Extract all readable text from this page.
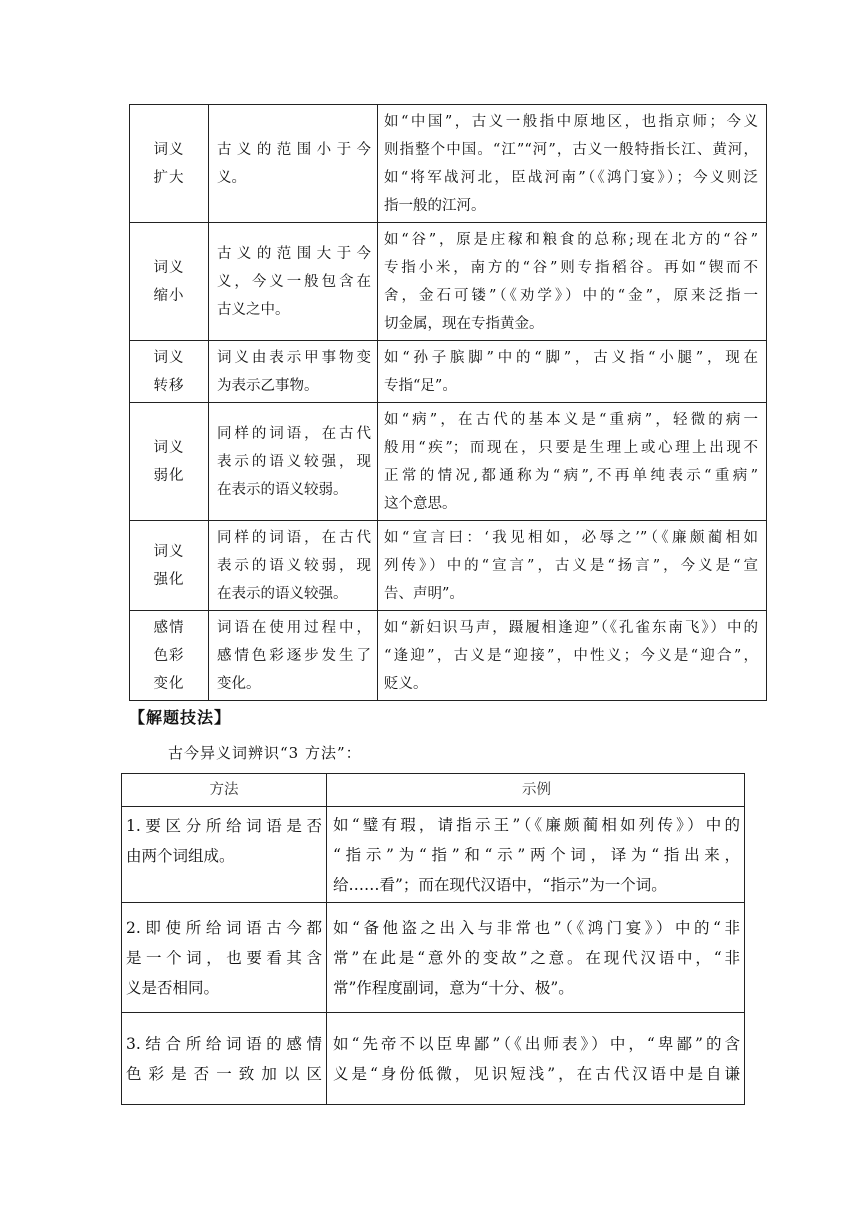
词义 扩大	古义的范围小于今
义。	如“中国”，古义一般指中原地区，也指京师；今义
则指整个中国。“江”“河”，古义一般特指长江、黄河，
如“将军战河北，臣战河南”（《鸿门宴》）；今义则泛
指一般的江河。

词义 缩小	古义的范围大于今
义，今义一般包含在
古义之中。	如“谷”，原是庄稼和粮食的总称;现在北方的“谷”
专指小米，南方的“谷”则专指稻谷。再如“锲而不
舍，金石可镂”（《劝学》）中的“金”，原来泛指一
切金属，现在专指黄金。

词义 转移	词义由表示甲事物变
为表示乙事物。	如“孙子膑脚”中的“脚”，古义指“小腿”，现在
专指“足”。

词义 弱化	同样的词语，在古代
表示的语义较强，现
在表示的语义较弱。	如“病”，在古代的基本义是“重病”，轻微的病一
般用“疾”；而现在，只要是生理上或心理上出现不
正常的情况,都通称为“病”,不再单纯表示“重病”
这个意思。

词义 强化	同样的词语，在古代
表示的语义较弱，现
在表示的语义较强。	如“宣言曰：‘我见相如，必辱之’”（《廉颇蔺相如
列传》）中的“宣言”，古义是“扬言”，今义是“宣
告、声明”。

感情 色彩 变化	词语在使用过程中，
感情色彩逐步发生了
变化。	如“新妇识马声，蹑履相逢迎”（《孔雀东南飞》）中的
“逢迎”，古义是“迎接”，中性义；今义是“迎合”，
贬义。
【解题技法】
古今异义词辨识“3 方法”：
方法	示例

1.要区分所给词语是否
由两个词组成。	如“璧有瑕，请指示王”（《廉颇蔺相如列传》）中的
“指示”为“指”和“示”两个词，译为“指出来，
给……看”；而在现代汉语中，“指示”为一个词。

2.即使所给词语古今都
是一个词，也要看其含
义是否相同。	如“备他盗之出入与非常也”（《鸿门宴》）中的“非
常”在此是“意外的变故”之意。在现代汉语中，“非
常”作程度副词，意为“十分、极”。

3.结合所给词语的感情
色彩是否一致加以区	如“先帝不以臣卑鄙”（《出师表》）中，“卑鄙”的含
义是“身份低微，见识短浅”，在古代汉语中是自谦
